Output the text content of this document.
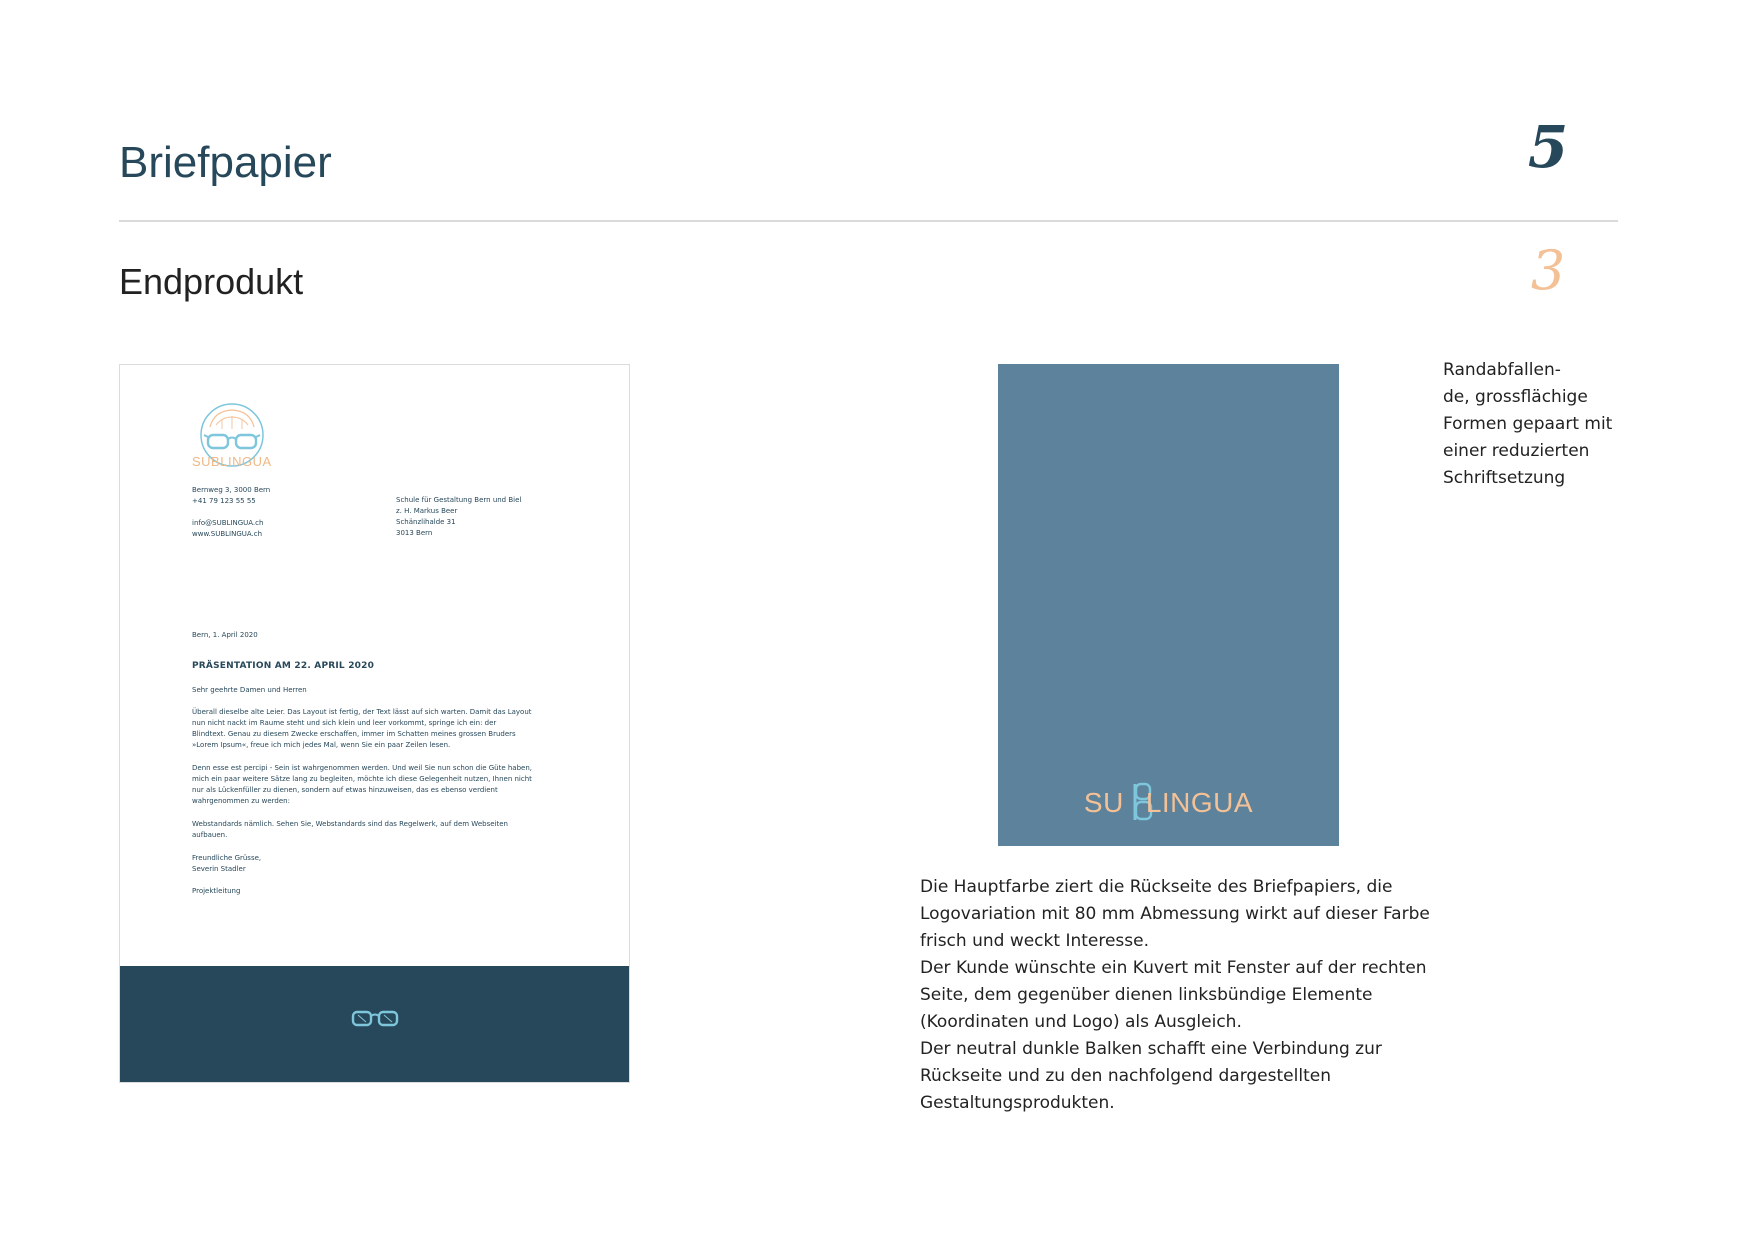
Briefpapier	5
Endprodukt	3
Randabfallen-
de, grossflächige
Formen gepaart mit
einer reduzierten
Schriftsetzung
SUBLINGUA
Bernweg 3, 3000 Bern
+41 79 123 55 55
info@SUBLINGUA.ch
www.SUBLINGUA.ch
Schule für Gestaltung Bern und Biel
z. H. Markus Beer
Schänzlihalde 31
3013 Bern
Bern, 1. April 2020
PRÄSENTATION AM 22. APRIL 2020
Sehr geehrte Damen und Herren
Überall dieselbe alte Leier. Das Layout ist fertig, der Text lässt auf sich warten. Damit das Layout nun nicht nackt im Raume steht und sich klein und leer vorkommt, springe ich ein: der Blindtext. Genau zu diesem Zwecke erschaffen, immer im Schatten meines grossen Bruders »Lorem Ipsum«, freue ich mich jedes Mal, wenn Sie ein paar Zeilen lesen.
Denn esse est percipi - Sein ist wahrgenommen werden. Und weil Sie nun schon die Güte haben, mich ein paar weitere Sätze lang zu begleiten, möchte ich diese Gelegenheit nutzen, Ihnen nicht nur als Lückenfüller zu dienen, sondern auf etwas hinzuweisen, das es ebenso verdient wahrgenommen zu werden:
Webstandards nämlich. Sehen Sie, Webstandards sind das Regelwerk, auf dem Webseiten aufbauen.
Freundliche Grüsse,
Severin Stadler
Projektleitung
SU LINGUA

Die Hauptfarbe ziert die Rückseite des Briefpapiers, die Logovariation mit 80 mm Abmessung wirkt auf dieser Farbe frisch und weckt Interesse.

Der Kunde wünschte ein Kuvert mit Fenster auf der rechten Seite, dem gegenüber dienen linksbündige Elemente (Koordinaten und Logo) als Ausgleich.

Der neutral dunkle Balken schafft eine Verbindung zur Rückseite und zu den nachfolgend dargestellten Gestaltungsprodukten.
